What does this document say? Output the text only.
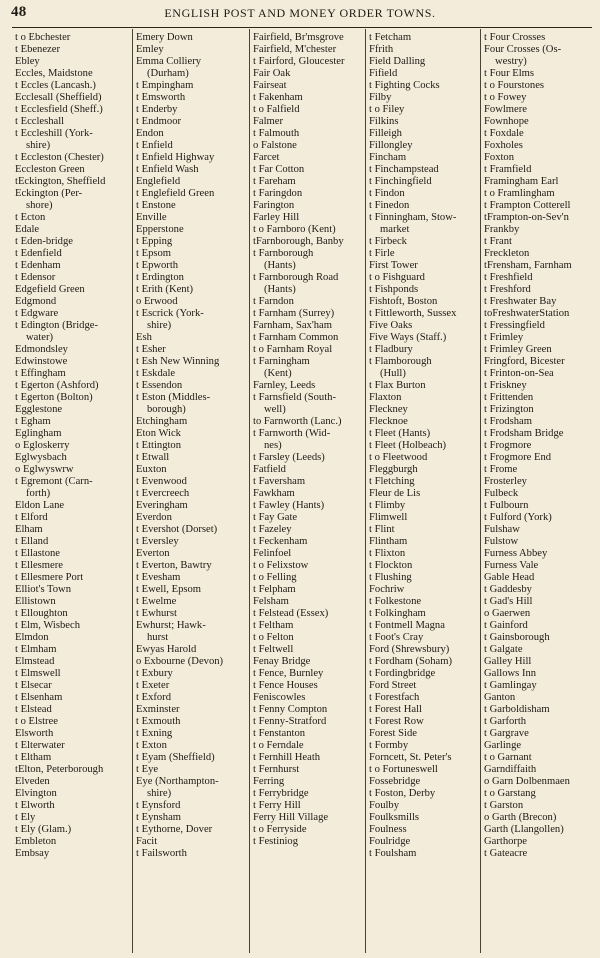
48	ENGLISH POST AND MONEY ORDER TOWNS.
t o Ebchester
t Ebenezer
Ebley
Eccles, Maidstone
t Eccles (Lancash.)
Ecclesall (Sheffield)
t Ecclesfield (Sheff.)
t Eccleshall
t Eccleshill (York-
shire)
t Eccleston (Chester)
Eccleston Green
tEckington, Sheffield
Eckington (Per-
shore)
t Ecton
Edale
t Eden-bridge
t Edenfield
t Edenham
t Edensor
Edgefield Green
Edgmond
t Edgware
t Edington (Bridge-
water)
Edmondsley
Edwinstowe
t Effingham
t Egerton (Ashford)
t Egerton (Bolton)
Egglestone
t Egham
Eglingham
o Egloskerry
Eglwysbach
o Eglwyswrw
t Egremont (Carn-
forth)
Eldon Lane
t Elford
Elham
t Elland
t Ellastone
t Ellesmere
t Ellesmere Port
Elliot's Town
Ellistown
t Elloughton
t Elm, Wisbech
Elmdon
t Elmham
Elmstead
t Elmswell
t Elsecar
t Elsenham
t Elstead
t o Elstree
Elsworth
t Elterwater
t Eltham
tElton, Peterborough
Elveden
Elvington
t Elworth
t Ely
t Ely (Glam.)
Embleton
Embsay
Emery Down
Emley
Emma Colliery
(Durham)
t Empingham
t Emsworth
t Enderby
t Endmoor
Endon
t Enfield
t Enfield Highway
t Enfield Wash
Englefield
t Englefield Green
t Enstone
Enville
Epperstone
t Epping
t Epsom
t Epworth
t Erdington
t Erith (Kent)
o Erwood
t Escrick (York-
shire)
Esh
t Esher
t Esh New Winning
t Eskdale
t Essendon
t Eston (Middles-
borough)
Etchingham
Eton Wick
t Ettington
t Etwall
Euxton
t Evenwood
t Evercreech
Everingham
Everdon
t Evershot (Dorset)
t Eversley
Everton
t Everton, Bawtry
t Evesham
t Ewell, Epsom
t Ewelme
t Ewhurst
Ewhurst; Hawk-
hurst
Ewyas Harold
o Exbourne (Devon)
t Exbury
t Exeter
t Exford
Exminster
t Exmouth
t Exning
t Exton
t Eyam (Sheffield)
t Eye
Eye (Northampton-
shire)
t Eynsford
t Eynsham
t Eythorne, Dover
Facit
t Failsworth
Fairfield, Br'msgrove
Fairfield, M'chester
t Fairford, Gloucester
Fair Oak
Fairseat
t Fakenham
t o Falfield
Falmer
t Falmouth
o Falstone
Farcet
t Far Cotton
t Fareham
t Faringdon
Farington
Farley Hill
t o Farnboro (Kent)
tFarnborough, Banby
t Farnborough
(Hants)
t Farnborough Road
(Hants)
t Farndon
t Farnham (Surrey)
Farnham, Sax'ham
t Farnham Common
t o Farnham Royal
t Farningham
(Kent)
Farnley, Leeds
t Farnsfield (South-
well)
to Farnworth (Lanc.)
t Farnworth (Wid-
nes)
t Farsley (Leeds)
Fatfield
t Faversham
Fawkham
t Fawley (Hants)
t Fay Gate
t Fazeley
t Feckenham
Felinfoel
t o Felixstow
t o Felling
t Felpham
Felsham
t Felstead (Essex)
t Feltham
t o Felton
t Feltwell
Fenay Bridge
t Fence, Burnley
t Fence Houses
Feniscowles
t Fenny Compton
t Fenny-Stratford
t Fenstanton
t o Ferndale
t Fernhill Heath
t Fernhurst
Ferring
t Ferrybridge
t Ferry Hill
Ferry Hill Village
t o Ferryside
t Festiniog
t Fetcham
Ffrith
Field Dalling
Fifield
t Fighting Cocks
Filby
t o Filey
Filkins
Filleigh
Fillongley
Fincham
t Finchampstead
t Finchingfield
t Findon
t Finedon
t Finningham, Stow-
market
t Firbeck
t Firle
First Tower
t o Fishguard
t Fishponds
Fishtoft, Boston
t Fittleworth, Sussex
Five Oaks
Five Ways (Staff.)
t Fladbury
t Flamborough
(Hull)
t Flax Burton
Flaxton
Fleckney
Flecknoe
t Fleet (Hants)
t Fleet (Holbeach)
t o Fleetwood
Fleggburgh
t Fletching
Fleur de Lis
t Flimby
Flimwell
t Flint
Flintham
t Flixton
t Flockton
t Flushing
Fochriw
t Folkestone
t Folkingham
t Fontmell Magna
t Foot's Cray
Ford (Shrewsbury)
t Fordham (Soham)
t Fordingbridge
Ford Street
t Forestfach
t Forest Hall
t Forest Row
Forest Side
t Formby
Forncett, St. Peter's
t o Fortuneswell
Fossebridge
t Foston, Derby
Foulby
Foulksmills
Foulness
Foulridge
t Foulsham
t Four Crosses
Four Crosses (Os-
westry)
t Four Elms
t o Fourstones
t o Fowey
Fowlmere
Fownhope
t Foxdale
Foxholes
Foxton
t Framfield
Framingham Earl
t o Framlingham
t Frampton Cotterell
tFrampton-on-Sev'n
Frankby
t Frant
Freckleton
tFrensham, Farnham
t Freshfield
t Freshford
t Freshwater Bay
toFreshwaterStation
t Fressingfield
t Frimley
t Frimley Green
Fringford, Bicester
t Frinton-on-Sea
t Friskney
t Frittenden
t Frizington
t Frodsham
t Frodsham Bridge
t Frogmore
t Frogmore End
t Frome
Frosterley
Fulbeck
t Fulbourn
t Fulford (York)
Fulshaw
Fulstow
Furness Abbey
Furness Vale
Gable Head
t Gaddesby
t Gad's Hill
o Gaerwen
t Gainford
t Gainsborough
t Galgate
Galley Hill
Gallows Inn
t Gamlingay
Ganton
t Garboldisham
t Garforth
t Gargrave
Garlinge
t o Garnant
Garndiffaith
o Garn Dolbenmaen
t o Garstang
t Garston
o Garth (Brecon)
Garth (Llangollen)
Garthorpe
t Gateacre
